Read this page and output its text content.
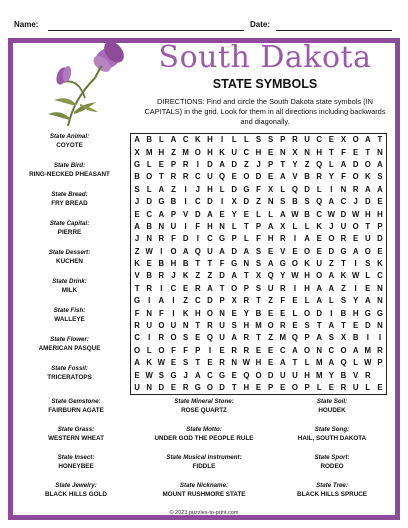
Name:	Date:
South Dakota
STATE SYMBOLS
DIRECTIONS: Find and circle the South Dakota state symbols (IN CAPITALS) in the grid. Look for them in all directions including backwards and diagonally.
State Animal:
COYOTE
State Bird:
RING-NECKED PHEASANT
State Bread:
FRY BREAD
State Capital:
PIERRE
State Dessert:
KUCHEN
State Drink:
MILK
State Fish:
WALLEYE
State Flower:
AMERICAN PASQUE
State Fossil:
TRICERATOPS
A B L A C K H	I	L L S S P R U C E X O A T
X M H Z M O H K U C H E N X N H T F E T N
G L E P R	I	D A D Z J P T Y Z Q L A D O A
B O T R R C U Q E O D E A V B R Y F O K S
S L A Z	I	J H L D G F X L Q D L	I	N R A A
J D G B	I	C D	I	X D Z N S B S Q A C J D E
E C A P V D A E Y E L L A W B C W D W H H
A B N U	I	F H N L T P A X L L K J U O T P
J N R F D	I	C G P L F H R	I	A E O R E U D
Z W I	O A Q U A D A S E V E O E D G A O E
K E B H B T T F G N S A G O K U Z T	I	S K
V B R J K Z Z D A T X Q Y W H O A K W L C
T R	I	C E R A T O P S U R	I	H A A Z	I	E N
G	I	A	I	Z C D P X R T Z F E L A L S Y A N
F N F	I	K H O N E Y B E E L O D	I	B H G G
R U O U N T R U S H M O R E S T A T E D N
C	I	R O S E Q U A R T Z M Q P A S X B	I	I
O L O F F P	I	E R R E E C A O N C O A M R
A K W E S T E R N W H E A T L M A Q L W P
E W S G J A C G E Q O D U U H M Y B V R
U N D E R G O D T H E P E O P L E R U L E
State Gemstone:
FAIRBURN AGATE
State Grass:
WESTERN WHEAT
State Insect:
HONEYBEE
State Jewelry:
BLACK HILLS GOLD
State Mineral Stone:
ROSE QUARTZ
State Motto:
UNDER GOD THE PEOPLE RULE
State Musical Instrument:
FIDDLE
State Nickname:
MOUNT RUSHMORE STATE
State Soil:
HOUDEK
State Song:
HAIL, SOUTH DAKOTA
State Sport:
RODEO
State Tree:
BLACK HILLS SPRUCE
© 2023 puzzles-to-print.com
